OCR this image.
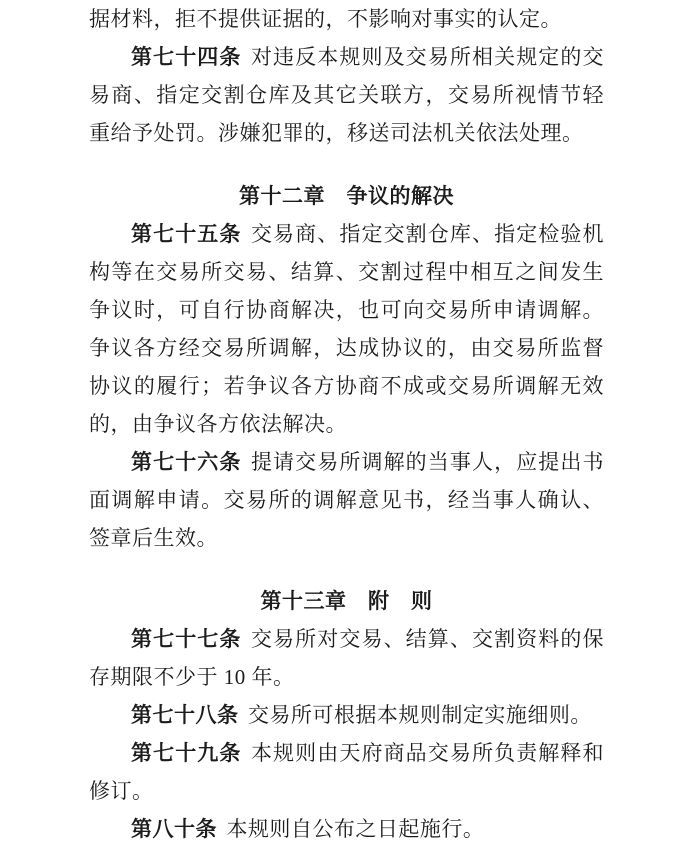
据材料，拒不提供证据的，不影响对事实的认定。

第七十四条 对违反本规则及交易所相关规定的交易商、指定交割仓库及其它关联方，交易所视情节轻重给予处罚。涉嫌犯罪的，移送司法机关依法处理。

第十二章　争议的解决

第七十五条 交易商、指定交割仓库、指定检验机构等在交易所交易、结算、交割过程中相互之间发生争议时，可自行协商解决，也可向交易所申请调解。争议各方经交易所调解，达成协议的，由交易所监督协议的履行；若争议各方协商不成或交易所调解无效的，由争议各方依法解决。

第七十六条 提请交易所调解的当事人，应提出书面调解申请。交易所的调解意见书，经当事人确认、签章后生效。

第十三章　附　则

第七十七条 交易所对交易、结算、交割资料的保存期限不少于 10 年。

第七十八条 交易所可根据本规则制定实施细则。

第七十九条 本规则由天府商品交易所负责解释和修订。

第八十条 本规则自公布之日起施行。
